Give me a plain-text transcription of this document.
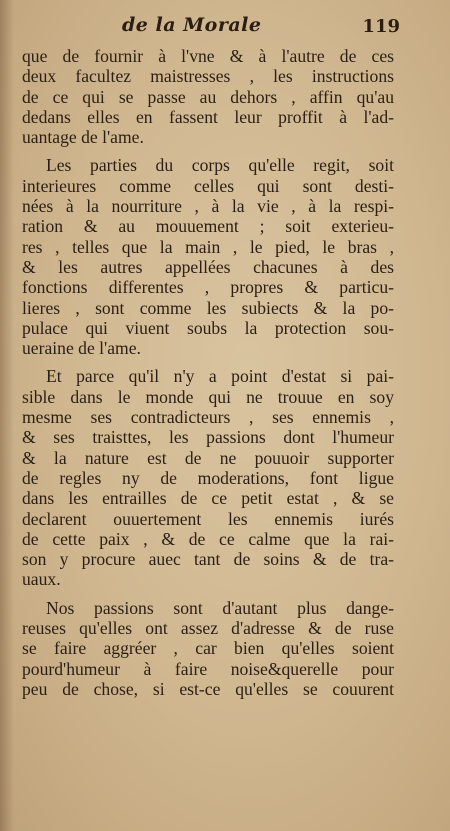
de la Morale	119

que de fournir à l'vne & à l'autre de ces
deux facultez maistresses , les instructions
de ce qui se passe au dehors , affin qu'au
dedans elles en fassent leur proffit à l'ad-
uantage de l'ame.

Les parties du corps qu'elle regit, soit
interieures comme celles qui sont desti-
nées à la nourriture , à la vie , à la respi-
ration & au mouuement ; soit exterieu-
res , telles que la main , le pied, le bras ,
& les autres appellées chacunes à des
fonctions differentes , propres & particu-
lieres , sont comme les subiects & la po-
pulace qui viuent soubs la protection sou-
ueraine de l'ame.

Et parce qu'il n'y a point d'estat si pai-
sible dans le monde qui ne trouue en soy
mesme ses contradicteurs , ses ennemis ,
& ses traisttes, les passions dont l'humeur
& la nature est de ne pouuoir supporter
de regles ny de moderations, font ligue
dans les entrailles de ce petit estat , & se
declarent ouuertement les ennemis iurés
de cette paix , & de ce calme que la rai-
son y procure auec tant de soins & de tra-
uaux.

Nos passions sont d'autant plus dange-
reuses qu'elles ont assez d'adresse & de ruse
se faire aggréer , car bien qu'elles soient
pourd'humeur à faire noise&querelle pour
peu de chose, si est-ce qu'elles se couurent
